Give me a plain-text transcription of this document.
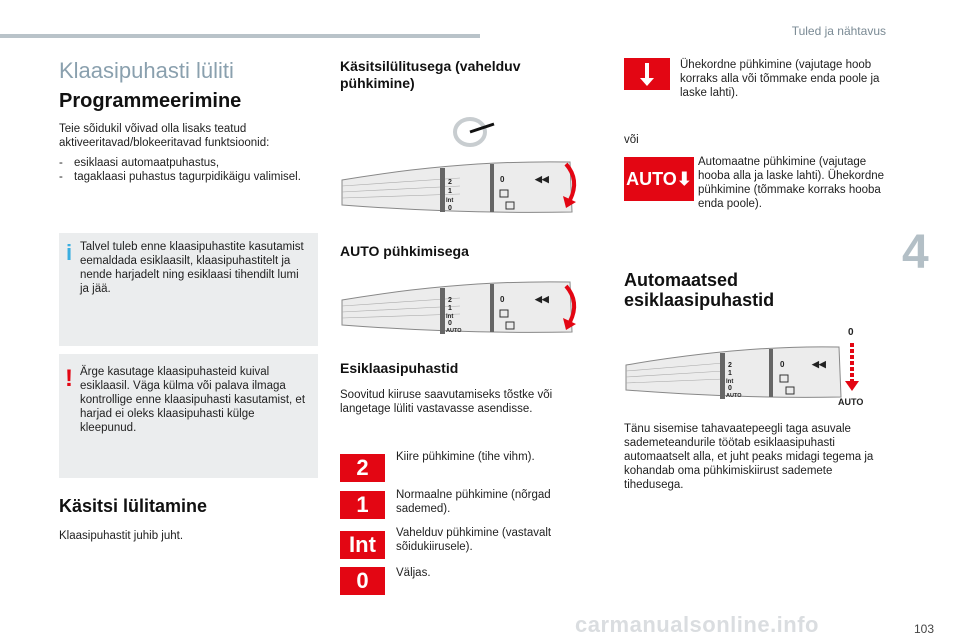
Tuled ja nähtavus
4
carmanualsonline.info	103
Klaasipuhasti lüliti
Programmeerimine
Teie sõidukil võivad olla lisaks teatud aktiveeritavad/blokeeritavad funktsioonid:
- esiklaasi automaatpuhastus,
- tagaklaasi puhastus tagurpidikäigu valimisel.
i Talvel tuleb enne klaasipuhastite kasutamist eemaldada esiklaasilt, klaasipuhastitelt ja nende harjadelt ning esiklaasi tihendilt lumi ja jää.
! Ärge kasutage klaasipuhasteid kuival esiklaasil. Väga külma või palava ilmaga kontrollige enne klaasipuhasti kasutamist, et harjad ei oleks klaasipuhasti külge kleepunud.
Käsitsi lülitamine
Klaasipuhastit juhib juht.
Käsitsilülitusega (vahelduv pühkimine)
2
1
Int
0
0	◀◀
AUTO pühkimisega
2
1
Int
0
AUTO
0	◀◀
Esiklaasipuhastid
Soovitud kiiruse saavutamiseks tõstke või langetage lüliti vastavasse asendisse.
2	Kiire pühkimine (tihe vihm).
1	Normaalne pühkimine (nõrgad sademed).
Int	Vahelduv pühkimine (vastavalt sõidukiirusele).
0	Väljas.
Ühekordne pühkimine (vajutage hoob korraks alla või tõmmake enda poole ja laske lahti).
või
AUTO⬇
Automaatne pühkimine (vajutage hooba alla ja laske lahti). Ühekordne pühkimine (tõmmake korraks hooba enda poole).
Automaatsed esiklaasipuhastid
2
1
Int
0
AUTO
0	◀◀
0
AUTO
Tänu sisemise tahavaatepeegli taga asuvale sademeteandurile töötab esiklaasipuhasti automaatselt alla, et juht peaks midagi tegema ja kohandab oma pühkimiskiirust sademete tihedusega.
